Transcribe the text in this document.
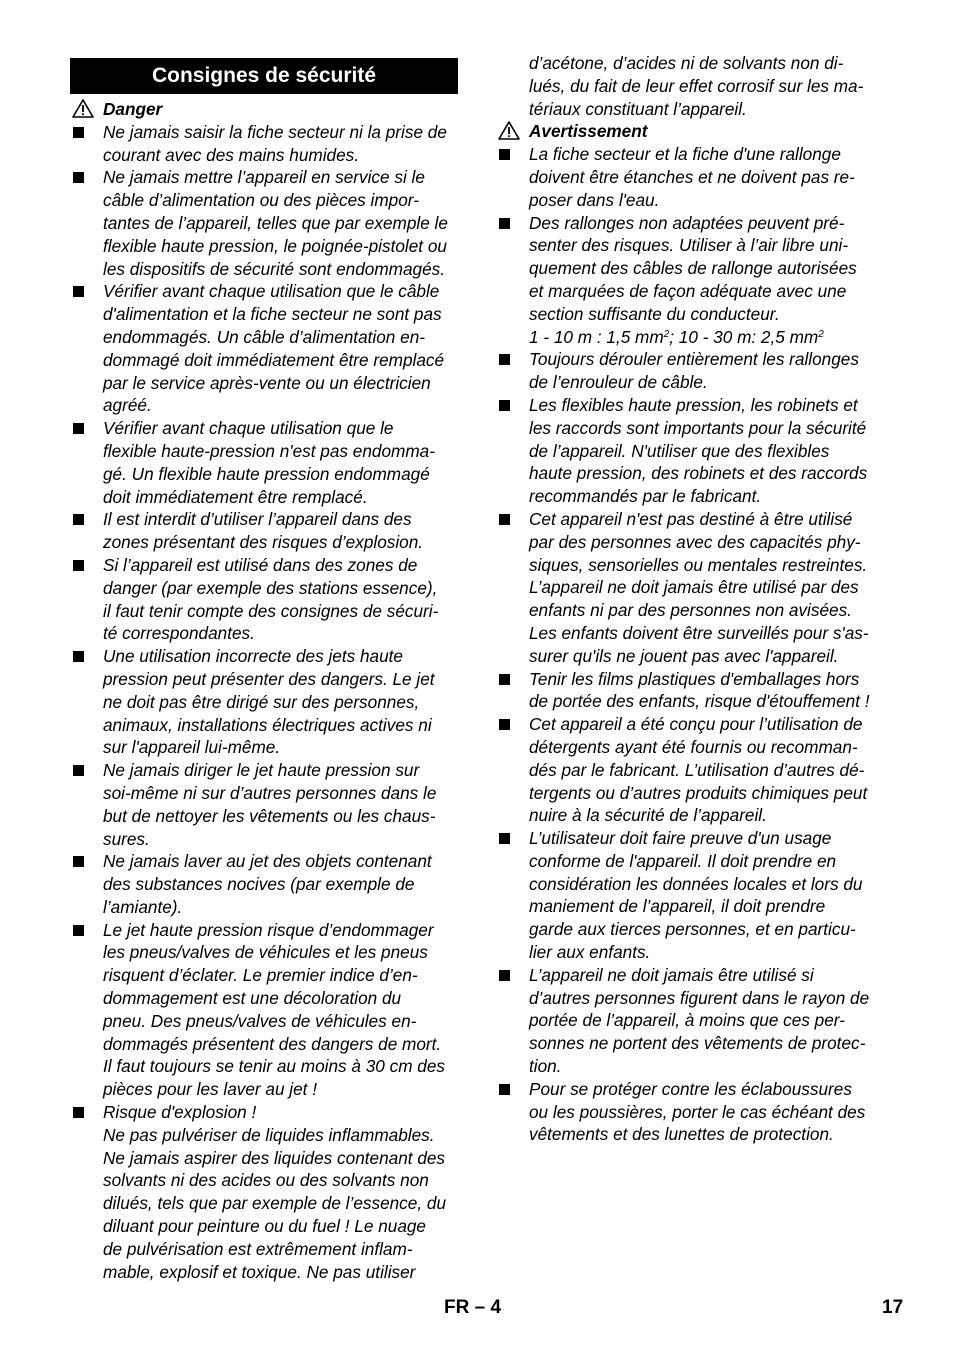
Consignes de sécurité
Danger
Ne jamais saisir la fiche secteur ni la prise de
courant avec des mains humides.
Ne jamais mettre l’appareil en service si le
câble d’alimentation ou des pièces impor-
tantes de l’appareil, telles que par exemple le
flexible haute pression, le poignée-pistolet ou
les dispositifs de sécurité sont endommagés.
Vérifier avant chaque utilisation que le câble
d'alimentation et la fiche secteur ne sont pas
endommagés. Un câble d’alimentation en-
dommagé doit immédiatement être remplacé
par le service après-vente ou un électricien
agréé.
Vérifier avant chaque utilisation que le
flexible haute-pression n'est pas endomma-
gé. Un flexible haute pression endommagé
doit immédiatement être remplacé.
Il est interdit d’utiliser l’appareil dans des
zones présentant des risques d’explosion.
Si l’appareil est utilisé dans des zones de
danger (par exemple des stations essence),
il faut tenir compte des consignes de sécuri-
té correspondantes.
Une utilisation incorrecte des jets haute
pression peut présenter des dangers. Le jet
ne doit pas être dirigé sur des personnes,
animaux, installations électriques actives ni
sur l'appareil lui-même.
Ne jamais diriger le jet haute pression sur
soi-même ni sur d’autres personnes dans le
but de nettoyer les vêtements ou les chaus-
sures.
Ne jamais laver au jet des objets contenant
des substances nocives (par exemple de
l’amiante).
Le jet haute pression risque d’endommager
les pneus/valves de véhicules et les pneus
risquent d’éclater. Le premier indice d’en-
dommagement est une décoloration du
pneu. Des pneus/valves de véhicules en-
dommagés présentent des dangers de mort.
Il faut toujours se tenir au moins à 30 cm des
pièces pour les laver au jet !
Risque d'explosion !
Ne pas pulvériser de liquides inflammables.
Ne jamais aspirer des liquides contenant des
solvants ni des acides ou des solvants non
dilués, tels que par exemple de l’essence, du
diluant pour peinture ou du fuel ! Le nuage
de pulvérisation est extrêmement inflam-
mable, explosif et toxique. Ne pas utiliser
d’acétone, d’acides ni de solvants non di-
lués, du fait de leur effet corrosif sur les ma-
tériaux constituant l’appareil.
Avertissement
La fiche secteur et la fiche d'une rallonge
doivent être étanches et ne doivent pas re-
poser dans l'eau.
Des rallonges non adaptées peuvent pré-
senter des risques. Utiliser à l’air libre uni-
quement des câbles de rallonge autorisées
et marquées de façon adéquate avec une
section suffisante du conducteur.
1 - 10 m : 1,5 $mm^2$; 10 - 30 m: 2,5 $mm^2$
Toujours dérouler entièrement les rallonges
de l’enrouleur de câble.
Les flexibles haute pression, les robinets et
les raccords sont importants pour la sécurité
de l’appareil. N'utiliser que des flexibles
haute pression, des robinets et des raccords
recommandés par le fabricant.
Cet appareil n'est pas destiné à être utilisé
par des personnes avec des capacités phy-
siques, sensorielles ou mentales restreintes.
L’appareil ne doit jamais être utilisé par des
enfants ni par des personnes non avisées.
Les enfants doivent être surveillés pour s'as-
surer qu'ils ne jouent pas avec l'appareil.
Tenir les films plastiques d'emballages hors
de portée des enfants, risque d'étouffement !
Cet appareil a été conçu pour l’utilisation de
détergents ayant été fournis ou recomman-
dés par le fabricant. L’utilisation d’autres dé-
tergents ou d’autres produits chimiques peut
nuire à la sécurité de l’appareil.
L’utilisateur doit faire preuve d'un usage
conforme de l'appareil. Il doit prendre en
considération les données locales et lors du
maniement de l’appareil, il doit prendre
garde aux tierces personnes, et en particu-
lier aux enfants.
L’appareil ne doit jamais être utilisé si
d’autres personnes figurent dans le rayon de
portée de l’appareil, à moins que ces per-
sonnes ne portent des vêtements de protec-
tion.
Pour se protéger contre les éclaboussures
ou les poussières, porter le cas échéant des
vêtements et des lunettes de protection.
FR – 4	17
